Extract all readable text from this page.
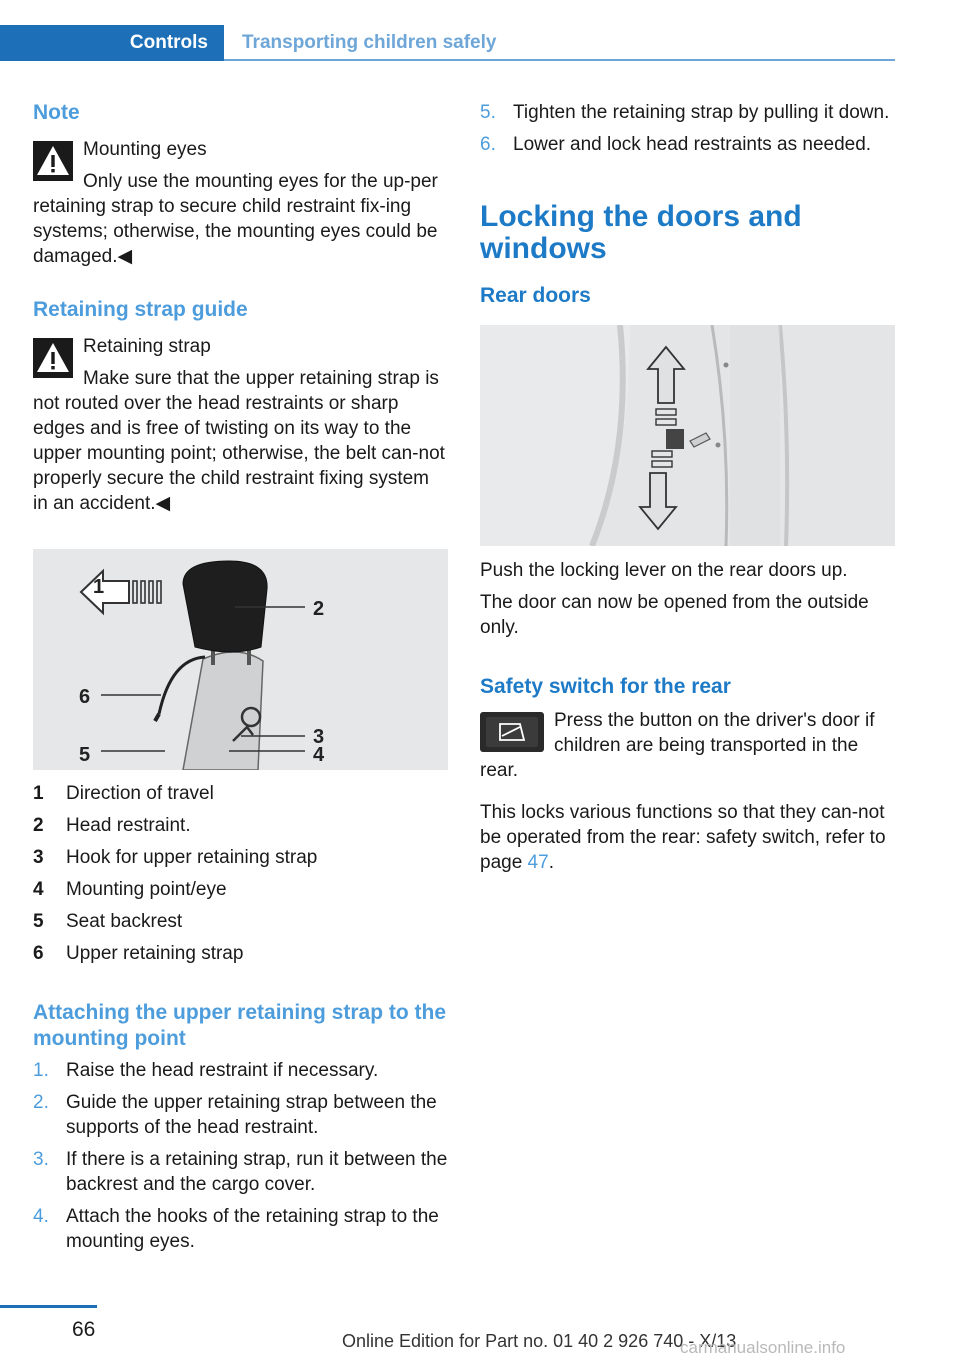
Controls	Transporting children safely
Note
Mounting eyes

Only use the mounting eyes for the up-per retaining strap to secure child restraint fix-ing systems; otherwise, the mounting eyes could be damaged.◀

Retaining strap guide
Retaining strap

Make sure that the upper retaining strap is not routed over the head restraints or sharp edges and is free of twisting on its way to the upper mounting point; otherwise, the belt can-not properly secure the child restraint fixing system in an accident.◀

1
2
3
4
5
6
1 Direction of travel
2 Head restraint.
3 Hook for upper retaining strap
4 Mounting point/eye
5 Seat backrest
6 Upper retaining strap
Attaching the upper retaining strap to the mounting point
1. Raise the head restraint if necessary.
2. Guide the upper retaining strap between the supports of the head restraint.
3. If there is a retaining strap, run it between the backrest and the cargo cover.
4. Attach the hooks of the retaining strap to the mounting eyes.
5. Tighten the retaining strap by pulling it down.
6. Lower and lock head restraints as needed.
Locking the doors and windows
Rear doors

Push the locking lever on the rear doors up.

The door can now be opened from the outside only.

Safety switch for the rear

Press the button on the driver's door if children are being transported in the rear.

This locks various functions so that they can-not be operated from the rear: safety switch, refer to page 47.

66	Online Edition for Part no. 01 40 2 926 740 - X/13
carmanualsonline.info
